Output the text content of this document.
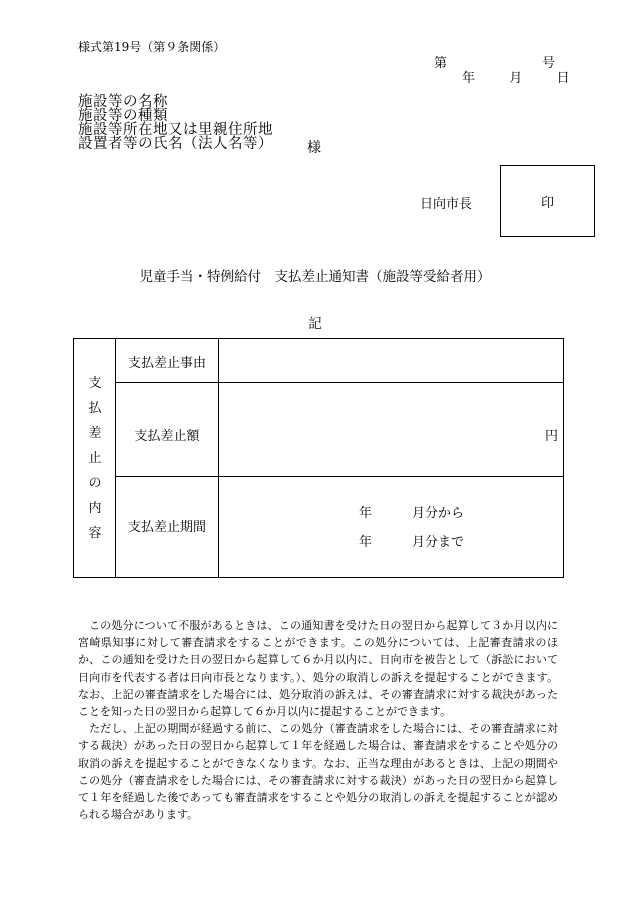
様式第19号（第９条関係）
第	号
年	月	日
施設等の名称
施設等の種類
施設等所在地又は里親住所地
設置者等の氏名（法人名等） 様
日向市長	印
児童手当・特例給付　支払差止通知書（施設等受給者用）
記
支
払
差
止
の
内
容
支払差止事由
支払差止額	円
支払差止期間
年	月分から
年	月分まで

この処分について不服があるときは、この通知書を受けた日の翌日から起算して３か月以内に宮崎県知事に対して審査請求をすることができます。この処分については、上記審査請求のほか、この通知を受けた日の翌日から起算して６か月以内に、日向市を被告として（訴訟において日向市を代表する者は日向市長となります。）、処分の取消しの訴えを提起することができます。なお、上記の審査請求をした場合には、処分取消の訴えは、その審査請求に対する裁決があったことを知った日の翌日から起算して６か月以内に提起することができます。

ただし、上記の期間が経過する前に、この処分（審査請求をした場合には、その審査請求に対する裁決）があった日の翌日から起算して１年を経過した場合は、審査請求をすることや処分の取消の訴えを提起することができなくなります。なお、正当な理由があるときは、上記の期間やこの処分（審査請求をした場合には、その審査請求に対する裁決）があった日の翌日から起算して１年を経過した後であっても審査請求をすることや処分の取消しの訴えを提起することが認められる場合があります。
